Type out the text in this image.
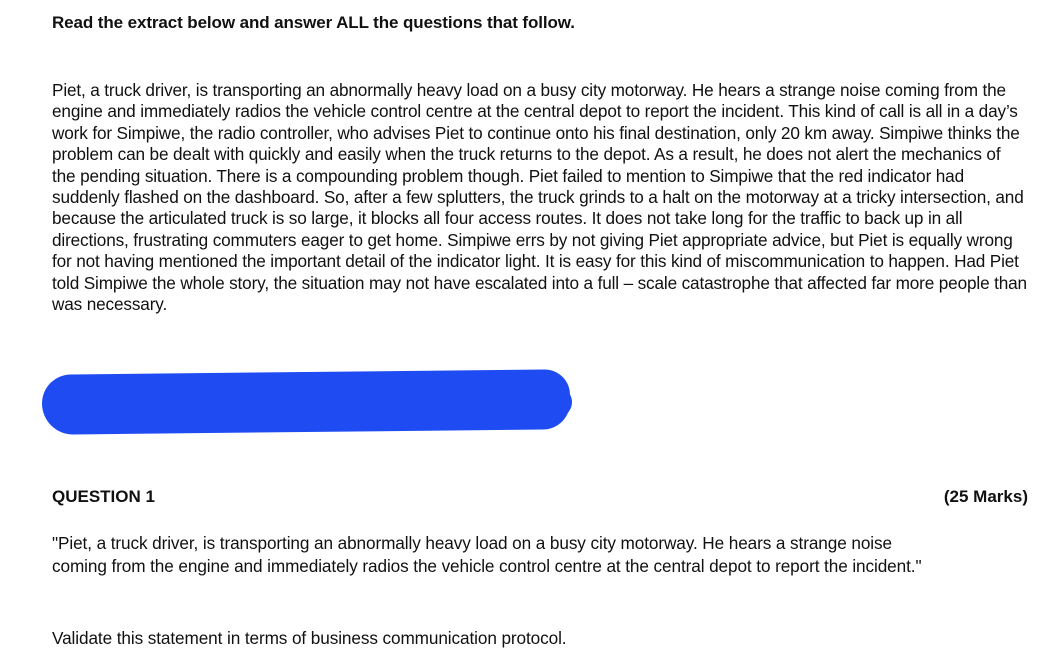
Read the extract below and answer ALL the questions that follow.

Piet, a truck driver, is transporting an abnormally heavy load on a busy city motorway. He hears a strange noise coming from the engine and immediately radios the vehicle control centre at the central depot to report the incident. This kind of call is all in a day’s work for Simpiwe, the radio controller, who advises Piet to continue onto his final destination, only 20 km away. Simpiwe thinks the problem can be dealt with quickly and easily when the truck returns to the depot. As a result, he does not alert the mechanics of the pending situation. There is a compounding problem though. Piet failed to mention to Simpiwe that the red indicator had suddenly flashed on the dashboard. So, after a few splutters, the truck grinds to a halt on the motorway at a tricky intersection, and because the articulated truck is so large, it blocks all four access routes. It does not take long for the traffic to back up in all directions, frustrating commuters eager to get home. Simpiwe errs by not giving Piet appropriate advice, but Piet is equally wrong for not having mentioned the important detail of the indicator light. It is easy for this kind of miscommunication to happen. Had Piet told Simpiwe the whole story, the situation may not have escalated into a full – scale catastrophe that affected far more people than was necessary.

QUESTION 1	(25 Marks)

"Piet, a truck driver, is transporting an abnormally heavy load on a busy city motorway. He hears a strange noise coming from the engine and immediately radios the vehicle control centre at the central depot to report the incident."

Validate this statement in terms of business communication protocol.
